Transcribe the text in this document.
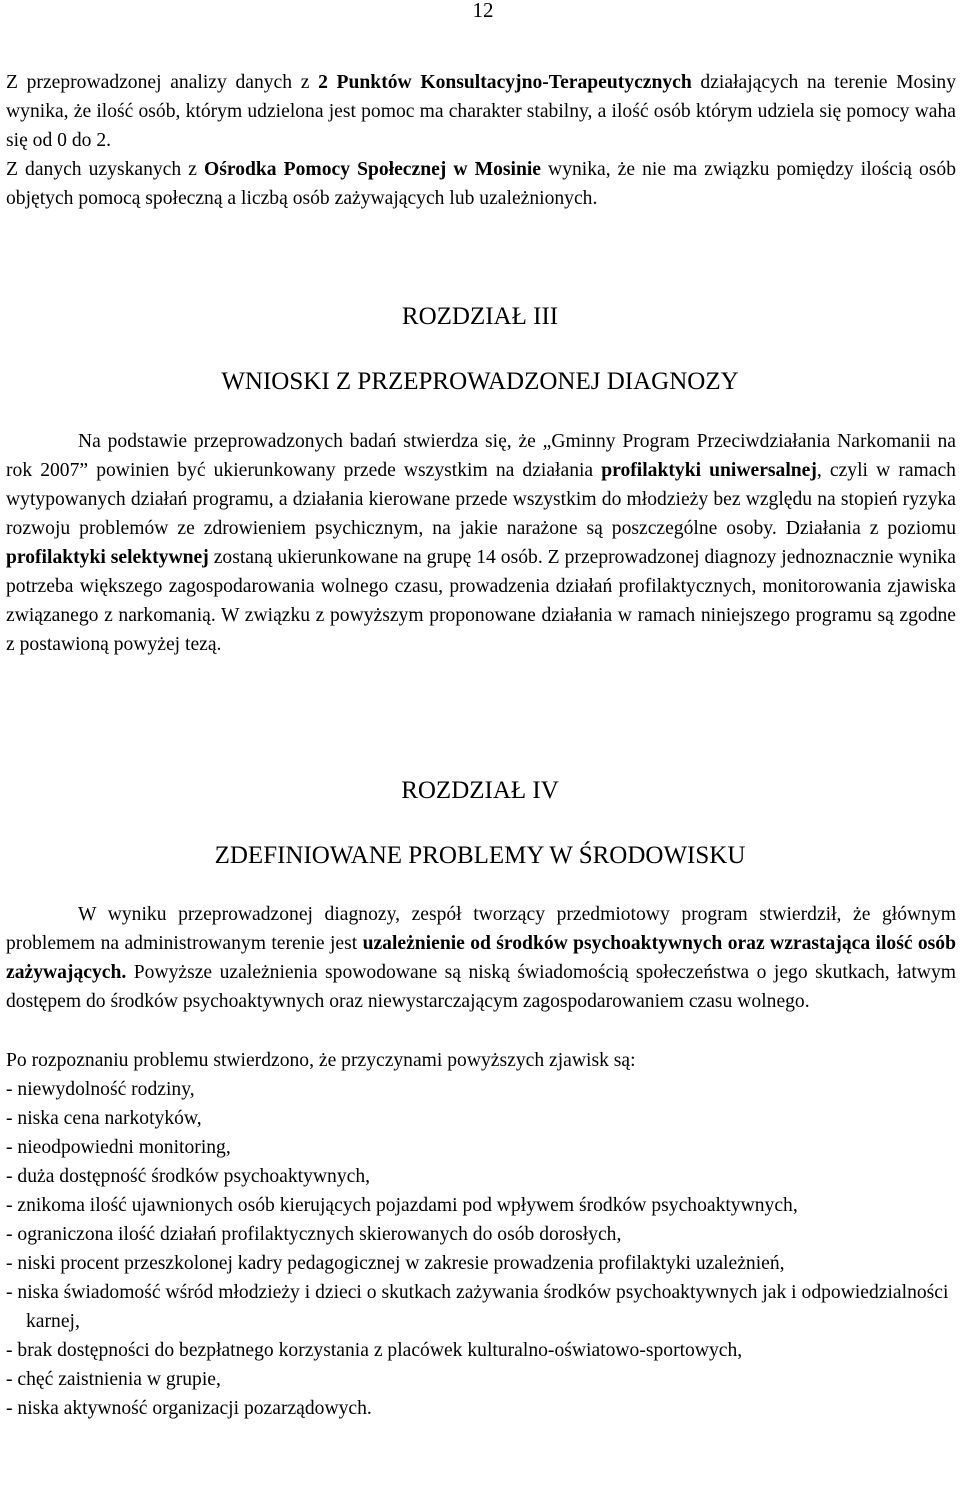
12
Z przeprowadzonej analizy danych z 2 Punktów Konsultacyjno-Terapeutycznych działających na terenie Mosiny wynika, że ilość osób, którym udzielona jest pomoc ma charakter stabilny, a ilość osób którym udziela się pomocy waha się od 0 do 2.
Z danych uzyskanych z Ośrodka Pomocy Społecznej w Mosinie wynika, że nie ma związku pomiędzy ilością osób objętych pomocą społeczną a liczbą osób zażywających lub uzależnionych.
ROZDZIAŁ III
WNIOSKI Z PRZEPROWADZONEJ DIAGNOZY
Na podstawie przeprowadzonych badań stwierdza się, że „Gminny Program Przeciwdziałania Narkomanii na rok 2007” powinien być ukierunkowany przede wszystkim na działania profilaktyki uniwersalnej, czyli w ramach wytypowanych działań programu, a działania kierowane przede wszystkim do młodzieży bez względu na stopień ryzyka rozwoju problemów ze zdrowieniem psychicznym, na jakie narażone są poszczególne osoby. Działania z poziomu profilaktyki selektywnej zostaną ukierunkowane na grupę 14 osób. Z przeprowadzonej diagnozy jednoznacznie wynika potrzeba większego zagospodarowania wolnego czasu, prowadzenia działań profilaktycznych, monitorowania zjawiska związanego z narkomanią. W związku z powyższym proponowane działania w ramach niniejszego programu są zgodne z postawioną powyżej tezą.
ROZDZIAŁ IV
ZDEFINIOWANE PROBLEMY W ŚRODOWISKU
W wyniku przeprowadzonej diagnozy, zespół tworzący przedmiotowy program stwierdził, że głównym problemem na administrowanym terenie jest uzależnienie od środków psychoaktywnych oraz wzrastająca ilość osób zażywających. Powyższe uzależnienia spowodowane są niską świadomością społeczeństwa o jego skutkach, łatwym dostępem do środków psychoaktywnych oraz niewystarczającym zagospodarowaniem czasu wolnego.
Po rozpoznaniu problemu stwierdzono, że przyczynami powyższych zjawisk są:
- niewydolność rodziny,
- niska cena narkotyków,
- nieodpowiedni monitoring,
- duża dostępność środków psychoaktywnych,
- znikoma ilość ujawnionych osób kierujących pojazdami pod wpływem środków psychoaktywnych,
- ograniczona ilość działań profilaktycznych skierowanych do osób dorosłych,
- niski procent przeszkolonej kadry pedagogicznej w zakresie prowadzenia profilaktyki uzależnień,
- niska świadomość wśród młodzieży i dzieci o skutkach zażywania środków psychoaktywnych jak i odpowiedzialności karnej,
- brak dostępności do bezpłatnego korzystania z placówek kulturalno-oświatowo-sportowych,
- chęć zaistnienia w grupie,
- niska aktywność organizacji pozarządowych.
